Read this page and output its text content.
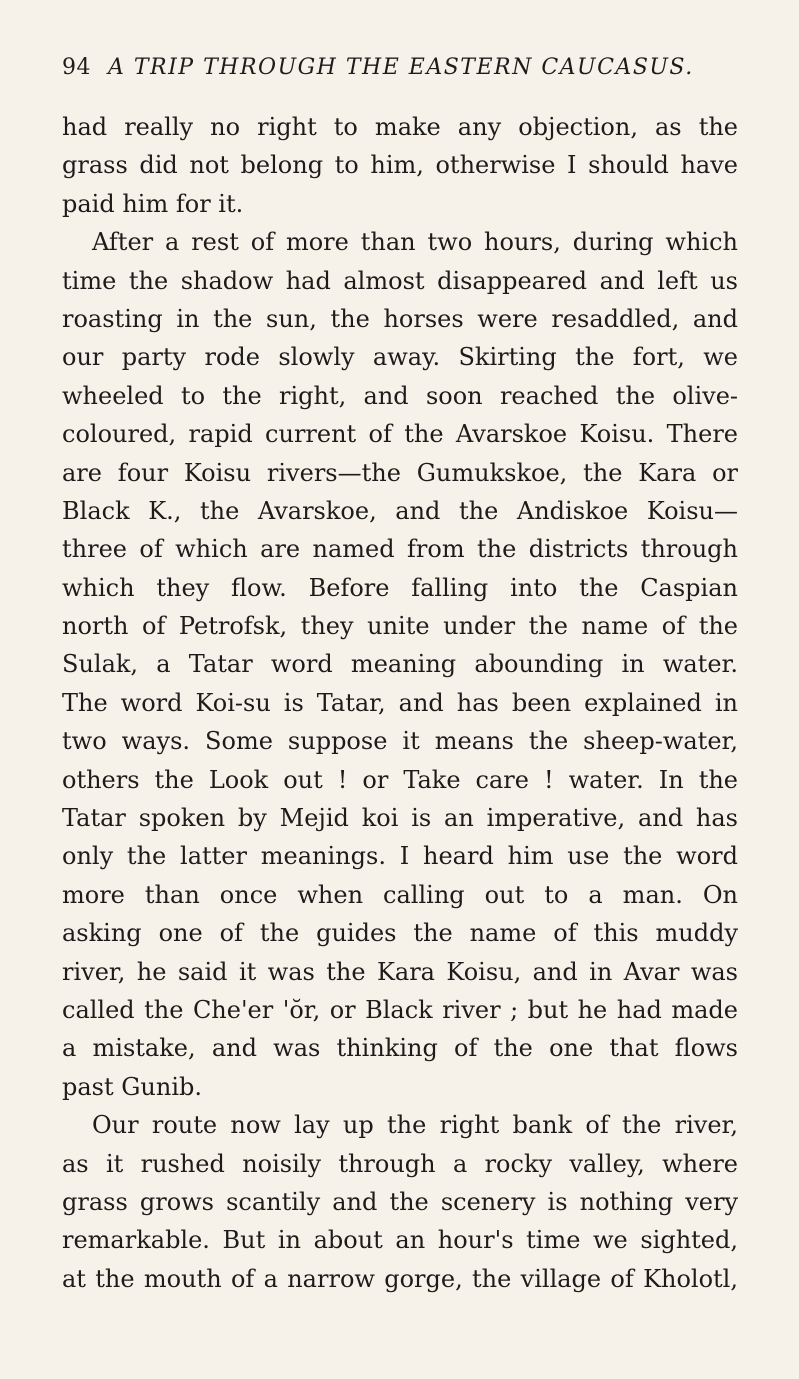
94 A TRIP THROUGH THE EASTERN CAUCASUS.
had really no right to make any objection, as the
grass did not belong to him, otherwise I should have
paid him for it.
After a rest of more than two hours, during which
time the shadow had almost disappeared and left us
roasting in the sun, the horses were resaddled, and
our party rode slowly away. Skirting the fort, we
wheeled to the right, and soon reached the olive-
coloured, rapid current of the Avarskoe Koisu. There
are four Koisu rivers—the Gumukskoe, the Kara or
Black K., the Avarskoe, and the Andiskoe Koisu—
three of which are named from the districts through
which they flow. Before falling into the Caspian
north of Petrofsk, they unite under the name of the
Sulak, a Tatar word meaning abounding in water.
The word Koi-su is Tatar, and has been explained in
two ways. Some suppose it means the sheep-water,
others the Look out ! or Take care ! water. In the
Tatar spoken by Mejid koi is an imperative, and has
only the latter meanings. I heard him use the word
more than once when calling out to a man. On
asking one of the guides the name of this muddy
river, he said it was the Kara Koisu, and in Avar was
called the Che'er 'ŏr, or Black river ; but he had made
a mistake, and was thinking of the one that flows
past Gunib.
Our route now lay up the right bank of the river,
as it rushed noisily through a rocky valley, where
grass grows scantily and the scenery is nothing very
remarkable. But in about an hour's time we sighted,
at the mouth of a narrow gorge, the village of Kholotl,
